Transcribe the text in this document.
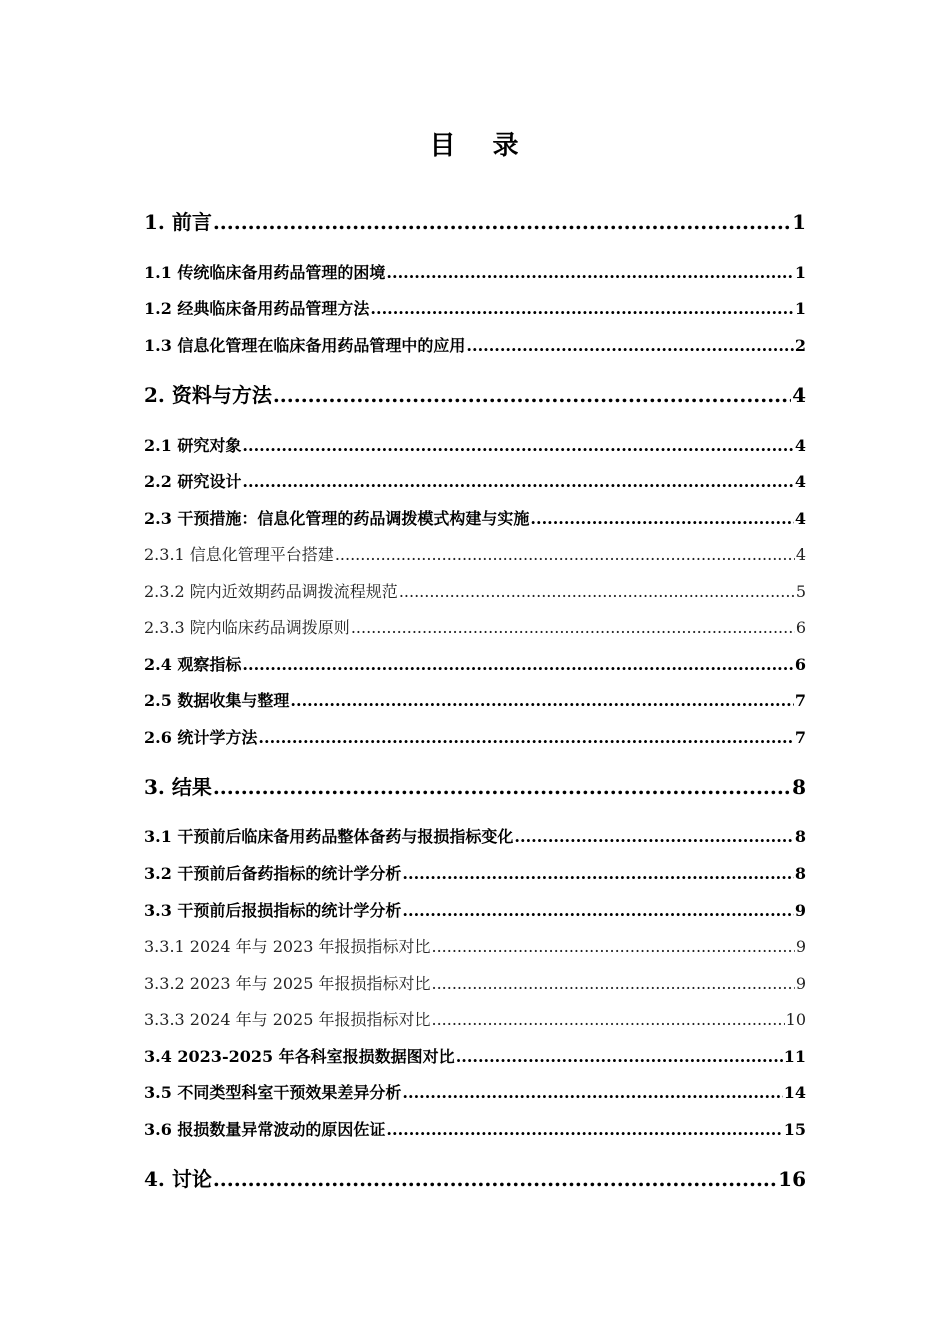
目 录
1. 前言 .....	1
1.1 传统临床备用药品管理的困境 .....	1
1.2 经典临床备用药品管理方法 .....	1
1.3 信息化管理在临床备用药品管理中的应用 .....	2
2. 资料与方法 .....	4
2.1 研究对象 .....	4
2.2 研究设计 .....	4
2.3 干预措施：信息化管理的药品调拨模式构建与实施 .....	4
2.3.1 信息化管理平台搭建 .....	4
2.3.2 院内近效期药品调拨流程规范 .....	5
2.3.3 院内临床药品调拨原则 .....	6
2.4 观察指标 .....	6
2.5 数据收集与整理 .....	7
2.6 统计学方法 .....	7
3. 结果 .....	8
3.1 干预前后临床备用药品整体备药与报损指标变化 .....	8
3.2 干预前后备药指标的统计学分析 .....	8
3.3 干预前后报损指标的统计学分析 .....	9
3.3.1 2024 年与 2023 年报损指标对比 .....	9
3.3.2 2023 年与 2025 年报损指标对比 .....	9
3.3.3 2024 年与 2025 年报损指标对比 .....	10
3.4 2023-2025 年各科室报损数据图对比 .....	11
3.5 不同类型科室干预效果差异分析 .....	14
3.6 报损数量异常波动的原因佐证 .....	15
4. 讨论 .....	16
